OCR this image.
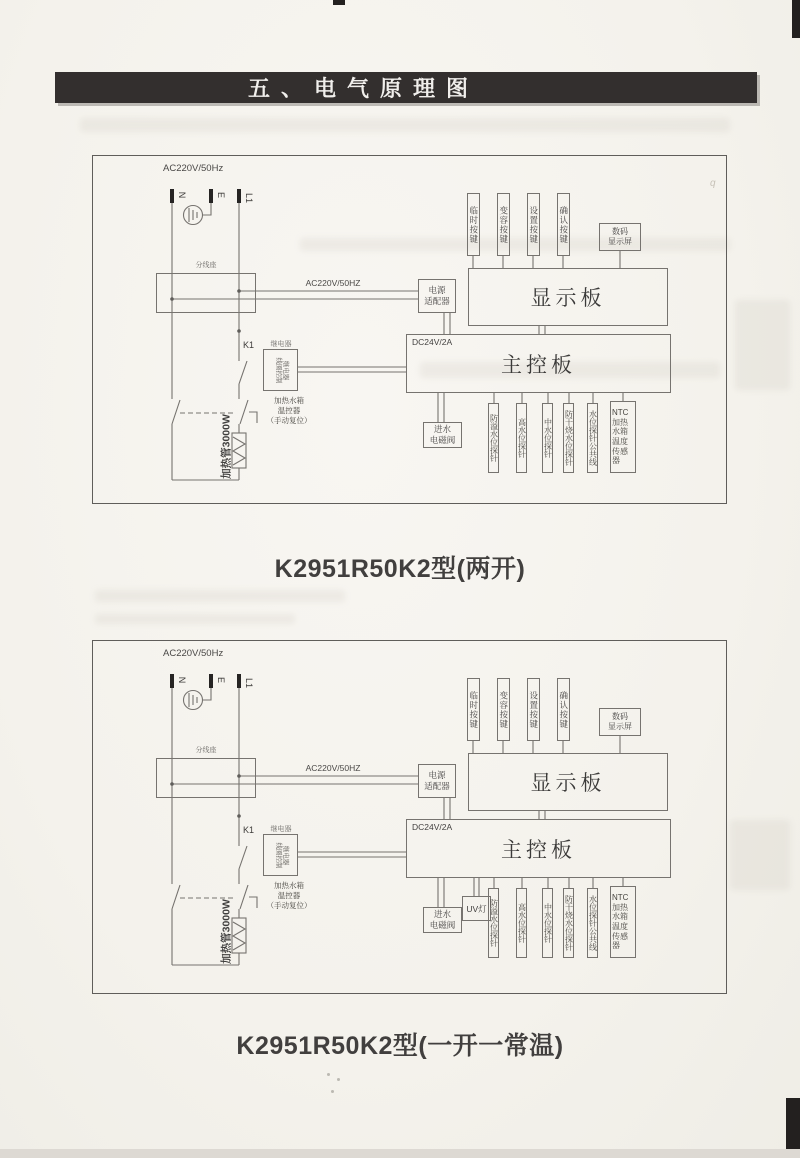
五、电气原理图
AC220V/50Hz
N	E L1
分线座
AC220V/50HZ
电源
适配器	显示板
临时按键 变容按键 设置按键 确认按键	数码
显示屏
DC24V/2A
主控板
K1	继电器
继电器
线圈控制
加热水箱
温控器
（手动复位）
加热管3000W	进水
电磁阀	防溢水位探针 高水位探针 中水位探针 防干烧水位探针 水位探针公共线 NTC加热水箱温度传感器
K2951R50K2型(两开)
AC220V/50Hz
N	E L1
分线座
AC220V/50HZ
电源
适配器	显示板
临时按键 变容按键 设置按键 确认按键	数码
显示屏
DC24V/2A
主控板
K1	继电器
继电器
线圈控制
加热水箱
温控器
（手动复位）
加热管3000W	进水
电磁阀
UV灯 防溢水位探针 高水位探针 中水位探针 防干烧水位探针 水位探针公共线 NTC加热水箱温度传感器
K2951R50K2型(一开一常温)
q
